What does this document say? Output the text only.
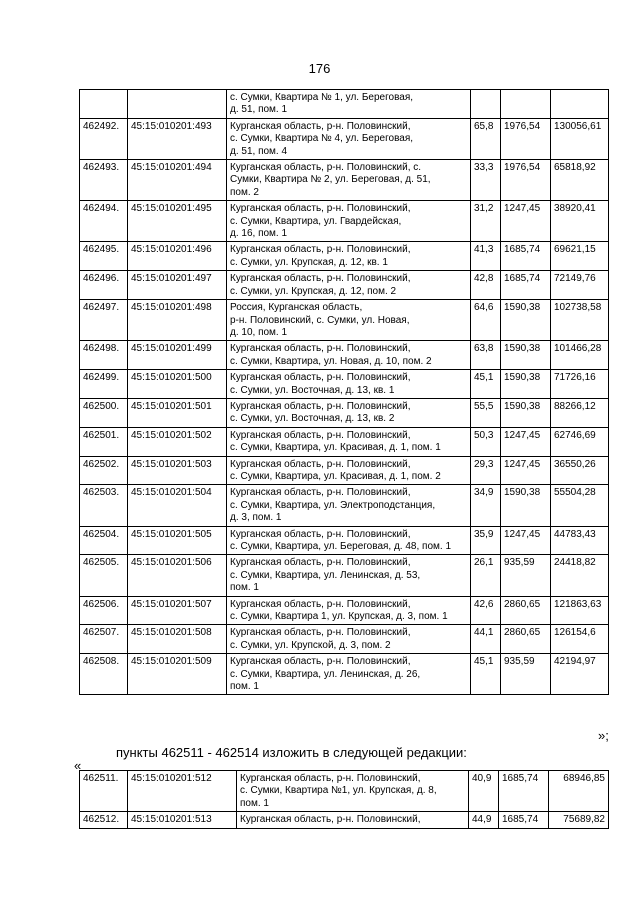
176
		с. Сумки, Квартира № 1, ул. Береговая,
д. 51, пом. 1			
462492.	45:15:010201:493	Курганская область, р-н. Половинский,
с. Сумки, Квартира № 4, ул. Береговая,
д. 51, пом. 4	65,8	1976,54	130056,61
462493.	45:15:010201:494	Курганская область, р-н. Половинский, с.
Сумки, Квартира № 2, ул. Береговая, д. 51,
пом. 2	33,3	1976,54	65818,92
462494.	45:15:010201:495	Курганская область, р-н. Половинский,
с. Сумки, Квартира, ул. Гвардейская,
д. 16, пом. 1	31,2	1247,45	38920,41
462495.	45:15:010201:496	Курганская область, р-н. Половинский,
с. Сумки, ул. Крупская, д. 12, кв. 1	41,3	1685,74	69621,15
462496.	45:15:010201:497	Курганская область, р-н. Половинский,
с. Сумки, ул. Крупская, д. 12, пом. 2	42,8	1685,74	72149,76
462497.	45:15:010201:498	Россия, Курганская область,
р-н. Половинский, с. Сумки, ул. Новая,
д. 10, пом. 1	64,6	1590,38	102738,58
462498.	45:15:010201:499	Курганская область, р-н. Половинский,
с. Сумки, Квартира, ул. Новая, д. 10, пом. 2	63,8	1590,38	101466,28
462499.	45:15:010201:500	Курганская область, р-н. Половинский,
с. Сумки, ул. Восточная, д. 13, кв. 1	45,1	1590,38	71726,16
462500.	45:15:010201:501	Курганская область, р-н. Половинский,
с. Сумки, ул. Восточная, д. 13, кв. 2	55,5	1590,38	88266,12
462501.	45:15:010201:502	Курганская область, р-н. Половинский,
с. Сумки, Квартира, ул. Красивая, д. 1, пом. 1	50,3	1247,45	62746,69
462502.	45:15:010201:503	Курганская область, р-н. Половинский,
с. Сумки, Квартира, ул. Красивая, д. 1, пом. 2	29,3	1247,45	36550,26
462503.	45:15:010201:504	Курганская область, р-н. Половинский,
с. Сумки, Квартира, ул. Электроподстанция,
д. 3, пом. 1	34,9	1590,38	55504,28
462504.	45:15:010201:505	Курганская область, р-н. Половинский,
с. Сумки, Квартира, ул. Береговая, д. 48, пом. 1	35,9	1247,45	44783,43
462505.	45:15:010201:506	Курганская область, р-н. Половинский,
с. Сумки, Квартира, ул. Ленинская, д. 53,
пом. 1	26,1	935,59	24418,82
462506.	45:15:010201:507	Курганская область, р-н. Половинский,
с. Сумки, Квартира 1, ул. Крупская, д. 3, пом. 1	42,6	2860,65	121863,63
462507.	45:15:010201:508	Курганская область, р-н. Половинский,
с. Сумки, ул. Крупской, д. 3, пом. 2	44,1	2860,65	126154,6
462508.	45:15:010201:509	Курганская область, р-н. Половинский,
с. Сумки, Квартира, ул. Ленинская, д. 26,
пом. 1	45,1	935,59	42194,97
»;
пункты 462511 - 462514 изложить в следующей редакции:
«
462511.	45:15:010201:512	Курганская область, р-н. Половинский,
с. Сумки, Квартира №1, ул. Крупская, д. 8,
пом. 1	40,9	1685,74	68946,85
462512.	45:15:010201:513	Курганская область, р-н. Половинский,	44,9	1685,74	75689,82
